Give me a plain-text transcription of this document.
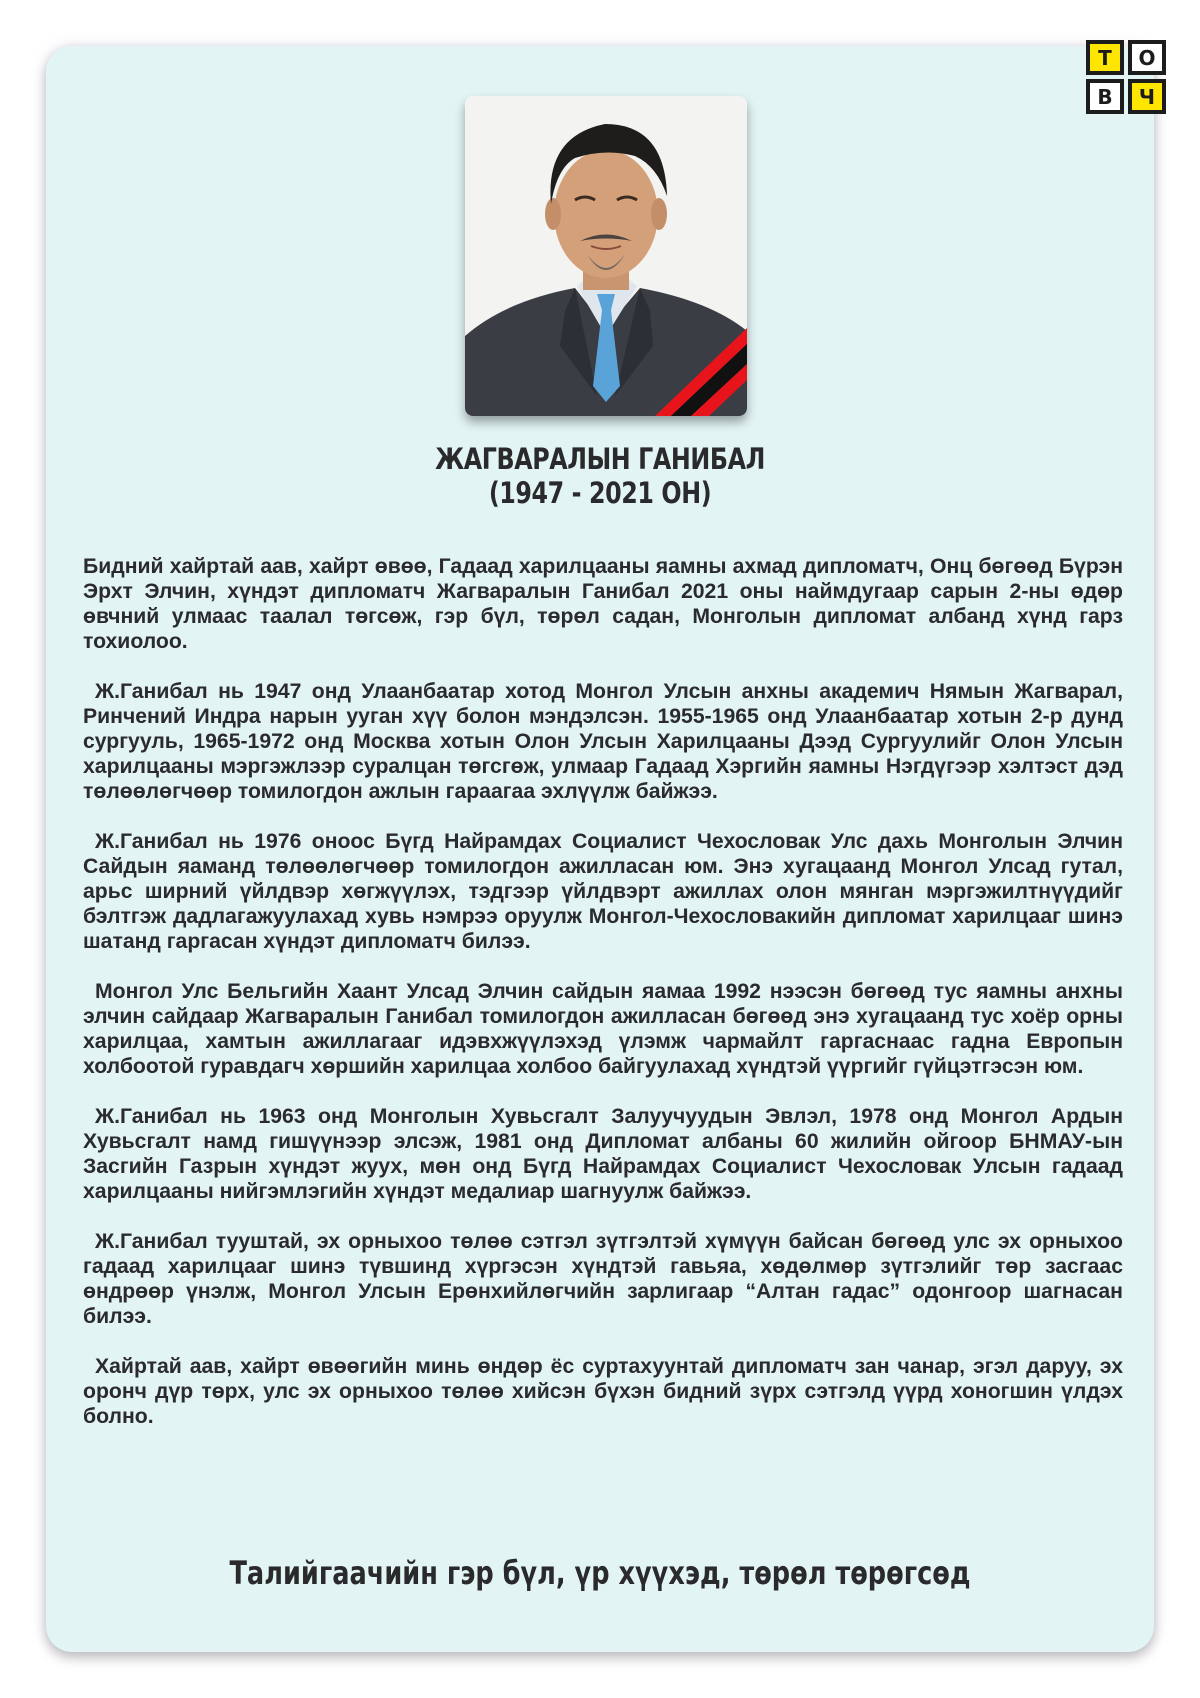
Т	О
В	Ч
ЖАГВАРАЛЫН ГАНИБАЛ
(1947 - 2021 ОН)

Бидний хайртай аав, хайрт өвөө, Гадаад харилцааны яамны ахмад дипломатч, Онц бөгөөд Бүрэн Эрхт Элчин, хүндэт дипломатч Жагваралын Ганибал 2021 оны наймдугаар сарын 2-ны өдөр өвчний улмаас таалал төгсөж, гэр бүл, төрөл садан, Монголын дипломат албанд хүнд гарз тохиолоо.

Ж.Ганибал нь 1947 онд Улаанбаатар хотод Монгол Улсын анхны академич Нямын Жагварал, Ринчений Индра нарын ууган хүү болон мэндэлсэн. 1955-1965 онд Улаанбаатар хотын 2-р дунд сургууль, 1965-1972 онд Москва хотын Олон Улсын Харилцааны Дээд Сургуулийг Олон Улсын харилцааны мэргэжлээр суралцан төгсгөж, улмаар Гадаад Хэргийн яамны Нэгдүгээр хэлтэст дэд төлөөлөгчөөр томилогдон ажлын гараагаа эхлүүлж байжээ.

Ж.Ганибал нь 1976 оноос Бүгд Найрамдах Социалист Чехословак Улс дахь Монголын Элчин Сайдын яаманд төлөөлөгчөөр томилогдон ажилласан юм. Энэ хугацаанд Монгол Улсад гутал, арьс ширний үйлдвэр хөгжүүлэх, тэдгээр үйлдвэрт ажиллах олон мянган мэргэжилтнүүдийг бэлтгэж дадлагажуулахад хувь нэмрээ оруулж Монгол-Чехословакийн дипломат харилцааг шинэ шатанд гаргасан хүндэт дипломатч билээ.

Монгол Улс Бельгийн Хаант Улсад Элчин сайдын яамаа 1992 нээсэн бөгөөд тус яамны анхны элчин сайдаар Жагваралын Ганибал томилогдон ажилласан бөгөөд энэ хугацаанд тус хоёр орны харилцаа, хамтын ажиллагааг идэвхжүүлэхэд үлэмж чармайлт гаргаснаас гадна Европын холбоотой гуравдагч хөршийн харилцаа холбоо байгуулахад хүндтэй үүргийг гүйцэтгэсэн юм.

Ж.Ганибал нь 1963 онд Монголын Хувьсгалт Залуучуудын Эвлэл, 1978 онд Монгол Ардын Хувьсгалт намд гишүүнээр элсэж, 1981 онд Дипломат албаны 60 жилийн ойгоор БНМАУ-ын Засгийн Газрын хүндэт жуух, мөн онд Бүгд Найрамдах Социалист Чехословак Улсын гадаад харилцааны нийгэмлэгийн хүндэт медалиар шагнуулж байжээ.

Ж.Ганибал тууштай, эх орныхоо төлөө сэтгэл зүтгэлтэй хүмүүн байсан бөгөөд улс эх орныхоо гадаад харилцааг шинэ түвшинд хүргэсэн хүндтэй гавьяа, хөдөлмөр зүтгэлийг төр засгаас өндрөөр үнэлж, Монгол Улсын Ерөнхийлөгчийн зарлигаар “Алтан гадас” одонгоор шагнасан билээ.

Хайртай аав, хайрт өвөөгийн минь өндөр ёс суртахуунтай дипломатч зан чанар, эгэл даруу, эх оронч дүр төрх, улс эх орныхоо төлөө хийсэн бүхэн бидний зүрх сэтгэлд үүрд хоногшин үлдэх болно.

Талийгаачийн гэр бүл, үр хүүхэд, төрөл төрөгсөд
